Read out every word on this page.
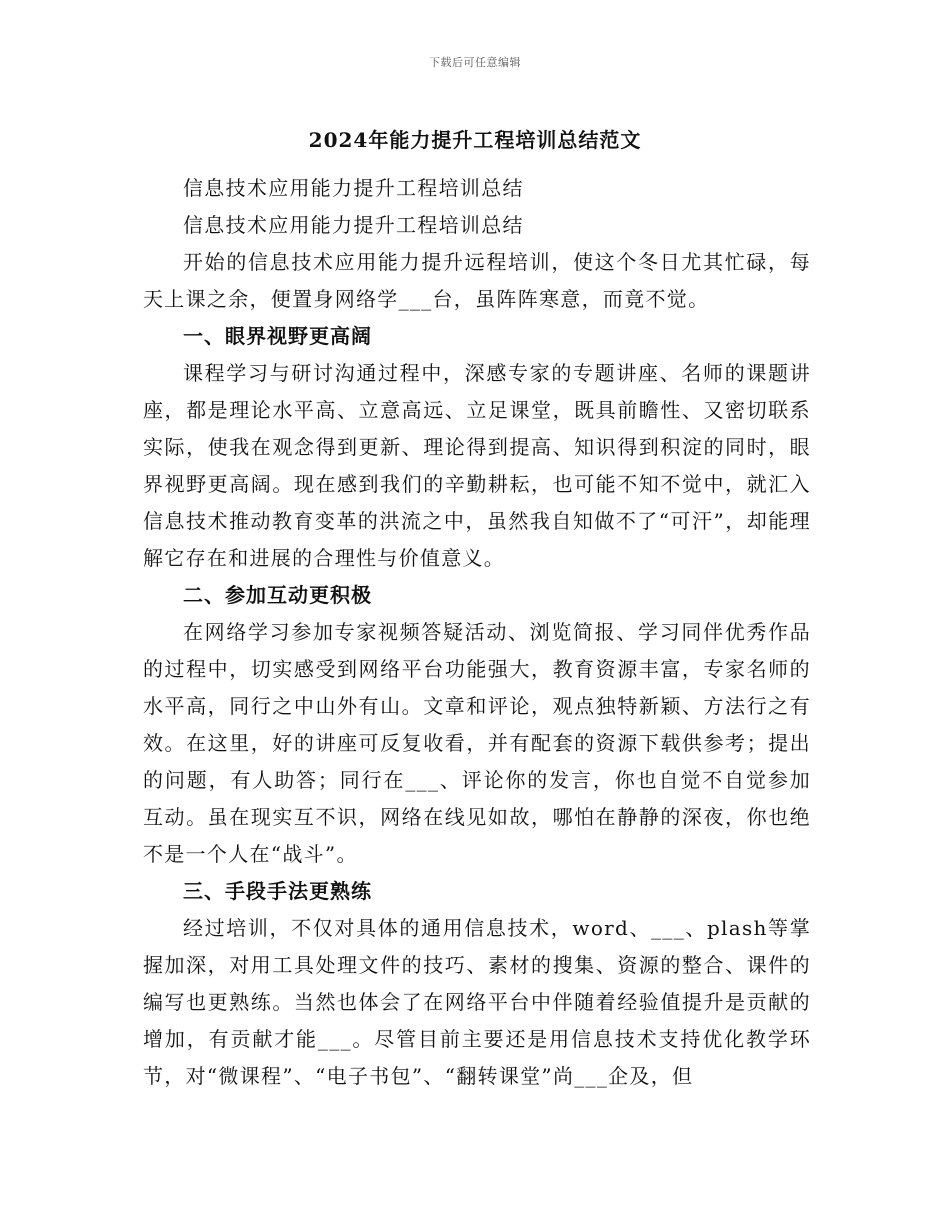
下载后可任意编辑
2024年能力提升工程培训总结范文

信息技术应用能力提升工程培训总结

信息技术应用能力提升工程培训总结

开始的信息技术应用能力提升远程培训，使这个冬日尤其忙碌，每天上课之余，便置身网络学___台，虽阵阵寒意，而竟不觉。

一、眼界视野更高阔

课程学习与研讨沟通过程中，深感专家的专题讲座、名师的课题讲座，都是理论水平高、立意高远、立足课堂，既具前瞻性、又密切联系实际，使我在观念得到更新、理论得到提高、知识得到积淀的同时，眼界视野更高阔。现在感到我们的辛勤耕耘，也可能不知不觉中，就汇入信息技术推动教育变革的洪流之中，虽然我自知做不了“可汗”，却能理解它存在和进展的合理性与价值意义。

二、参加互动更积极

在网络学习参加专家视频答疑活动、浏览简报、学习同伴优秀作品的过程中，切实感受到网络平台功能强大，教育资源丰富，专家名师的水平高，同行之中山外有山。文章和评论，观点独特新颖、方法行之有效。在这里，好的讲座可反复收看，并有配套的资源下载供参考；提出的问题，有人助答；同行在___、评论你的发言，你也自觉不自觉参加互动。虽在现实互不识，网络在线见如故，哪怕在静静的深夜，你也绝不是一个人在“战斗”。

三、手段手法更熟练

经过培训，不仅对具体的通用信息技术，word、___、plash等掌握加深，对用工具处理文件的技巧、素材的搜集、资源的整合、课件的编写也更熟练。当然也体会了在网络平台中伴随着经验值提升是贡献的增加，有贡献才能___。尽管目前主要还是用信息技术支持优化教学环节，对“微课程”、“电子书包”、“翻转课堂”尚___企及，但
